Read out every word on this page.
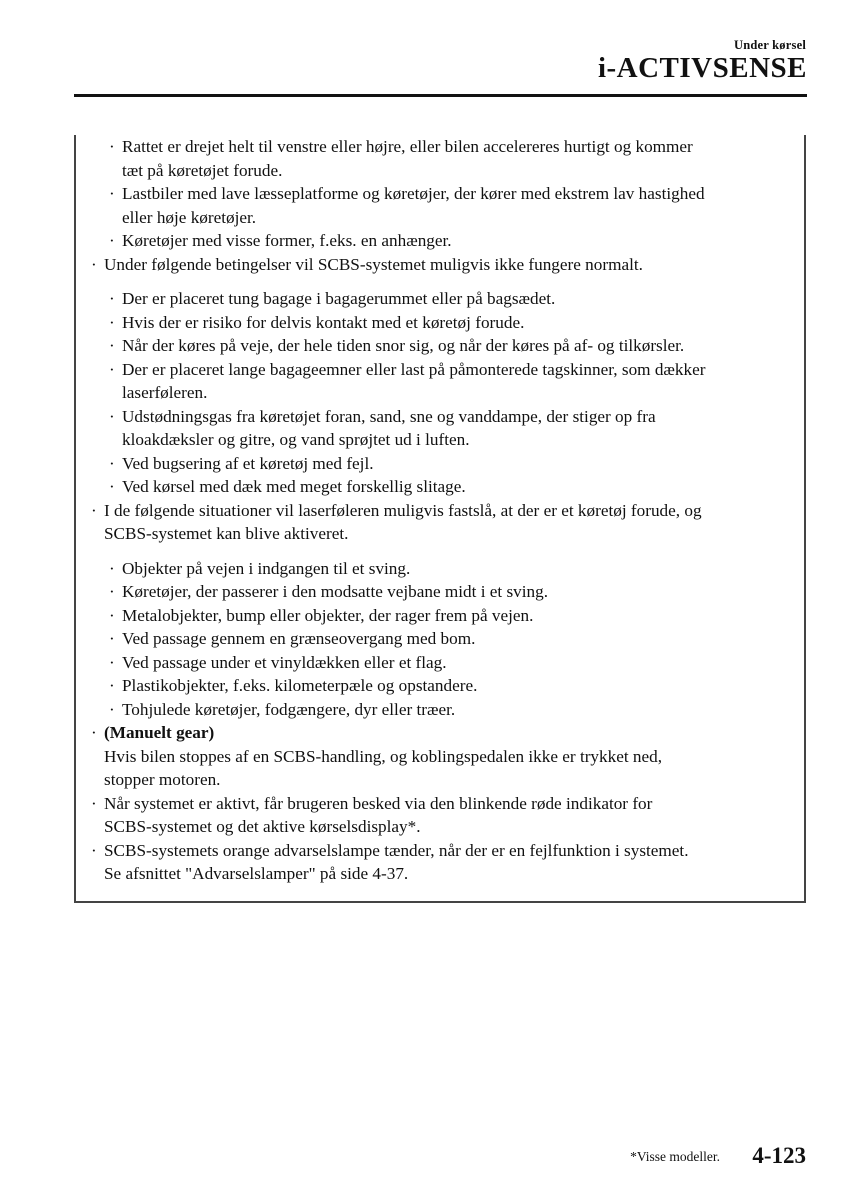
Under kørsel
i-ACTIVSENSE
· Rattet er drejet helt til venstre eller højre, eller bilen accelereres hurtigt og kommer
tæt på køretøjet forude.
· Lastbiler med lave læsseplatforme og køretøjer, der kører med ekstrem lav hastighed
eller høje køretøjer.
· Køretøjer med visse former, f.eks. en anhænger.
· Under følgende betingelser vil SCBS-systemet muligvis ikke fungere normalt.
· Der er placeret tung bagage i bagagerummet eller på bagsædet.
· Hvis der er risiko for delvis kontakt med et køretøj forude.
· Når der køres på veje, der hele tiden snor sig, og når der køres på af- og tilkørsler.
· Der er placeret lange bagageemner eller last på påmonterede tagskinner, som dækker
laserføleren.
· Udstødningsgas fra køretøjet foran, sand, sne og vanddampe, der stiger op fra
kloakdæksler og gitre, og vand sprøjtet ud i luften.
· Ved bugsering af et køretøj med fejl.
· Ved kørsel med dæk med meget forskellig slitage.
· I de følgende situationer vil laserføleren muligvis fastslå, at der er et køretøj forude, og
SCBS-systemet kan blive aktiveret.
· Objekter på vejen i indgangen til et sving.
· Køretøjer, der passerer i den modsatte vejbane midt i et sving.
· Metalobjekter, bump eller objekter, der rager frem på vejen.
· Ved passage gennem en grænseovergang med bom.
· Ved passage under et vinyldækken eller et flag.
· Plastikobjekter, f.eks. kilometerpæle og opstandere.
· Tohjulede køretøjer, fodgængere, dyr eller træer.
· (Manuelt gear)
Hvis bilen stoppes af en SCBS-handling, og koblingspedalen ikke er trykket ned,
stopper motoren.
· Når systemet er aktivt, får brugeren besked via den blinkende røde indikator for
SCBS-systemet og det aktive kørselsdisplay*.
· SCBS-systemets orange advarselslampe tænder, når der er en fejlfunktion i systemet.
Se afsnittet "Advarselslamper" på side 4-37.
*Visse modeller. 4-123
